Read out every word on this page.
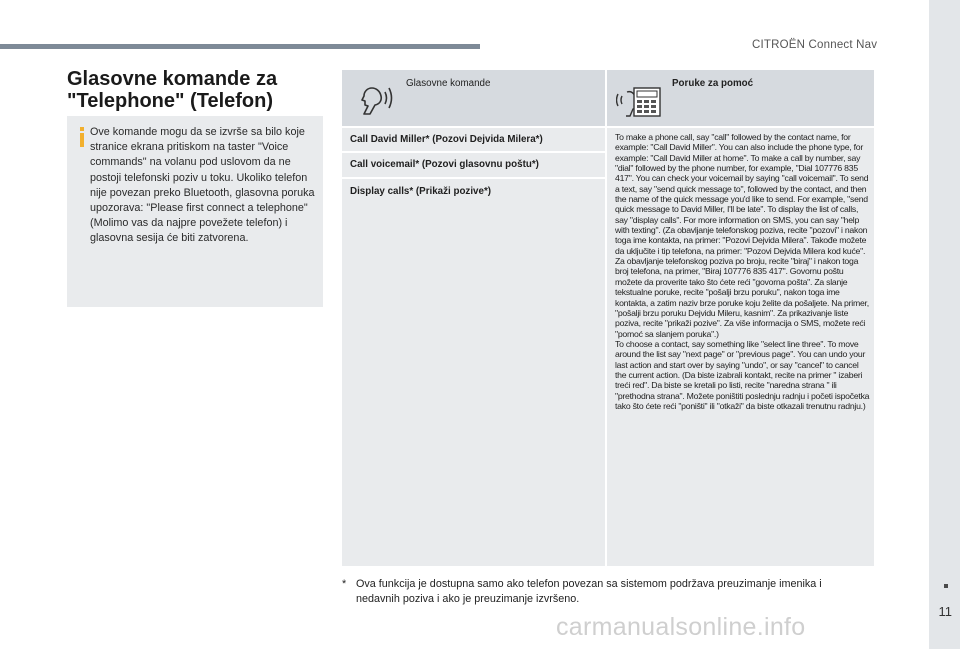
CITROËN Connect Nav
11
Glasovne komande za
"Telephone" (Telefon)
Ove komande mogu da se izvrše sa bilo koje stranice ekrana pritiskom na taster "Voice commands" na volanu pod uslovom da ne postoji telefonski poziv u toku. Ukoliko telefon nije povezan preko Bluetooth, glasovna poruka upozorava: "Please first connect a telephone" (Molimo vas da najpre povežete telefon) i glasovna sesija će biti zatvorena.
Glasovne komande	Poruke za pomoć
Call David Miller* (Pozovi Dejvida Milera*)
Call voicemail* (Pozovi glasovnu poštu*)
Display calls* (Prikaži pozive*)
To make a phone call, say "call" followed by the contact name, for example: "Call David Miller". You can also include the phone type, for example: "Call David Miller at home". To make a call by number, say "dial" followed by the phone number, for example, "Dial 107776 835 417". You can check your voicemail by saying "call voicemail". To send a text, say "send quick message to", followed by the contact, and then the name of the quick message you'd like to send. For example, "send quick message to David Miller, I'll be late". To display the list of calls, say "display calls". For more information on SMS, you can say "help with texting". (Za obavljanje telefonskog poziva, recite "pozovi" i nakon toga ime kontakta, na primer: "Pozovi Dejvida Milera". Takođe možete da uključite i tip telefona, na primer: "Pozovi Dejvida Milera kod kuće". Za obavljanje telefonskog poziva po broju, recite "biraj" i nakon toga broj telefona, na primer, "Biraj 107776 835 417". Govornu poštu možete da proverite tako što ćete reći "govorna pošta". Za slanje tekstualne poruke, recite "pošalji brzu poruku", nakon toga ime kontakta, a zatim naziv brze poruke koju želite da pošaljete. Na primer, "pošalji brzu poruku Dejvidu Mileru, kasnim". Za prikazivanje liste poziva, recite "prikaži pozive". Za više informacija o SMS, možete reći "pomoć sa slanjem poruka".)
To choose a contact, say something like "select line three". To move around the list say "next page" or "previous page". You can undo your last action and start over by saying "undo", or say "cancel" to cancel the current action. (Da biste izabrali kontakt, recite na primer " izaberi treći red". Da biste se kretali po listi, recite "naredna strana " ili "prethodna strana". Možete poništiti poslednju radnju i početi ispočetka tako što ćete reći "poništi" ili "otkaži" da biste otkazali trenutnu radnju.)
* Ova funkcija je dostupna samo ako telefon povezan sa sistemom podržava preuzimanje imenika i nedavnih poziva i ako je preuzimanje izvršeno.
carmanualsonline.info
